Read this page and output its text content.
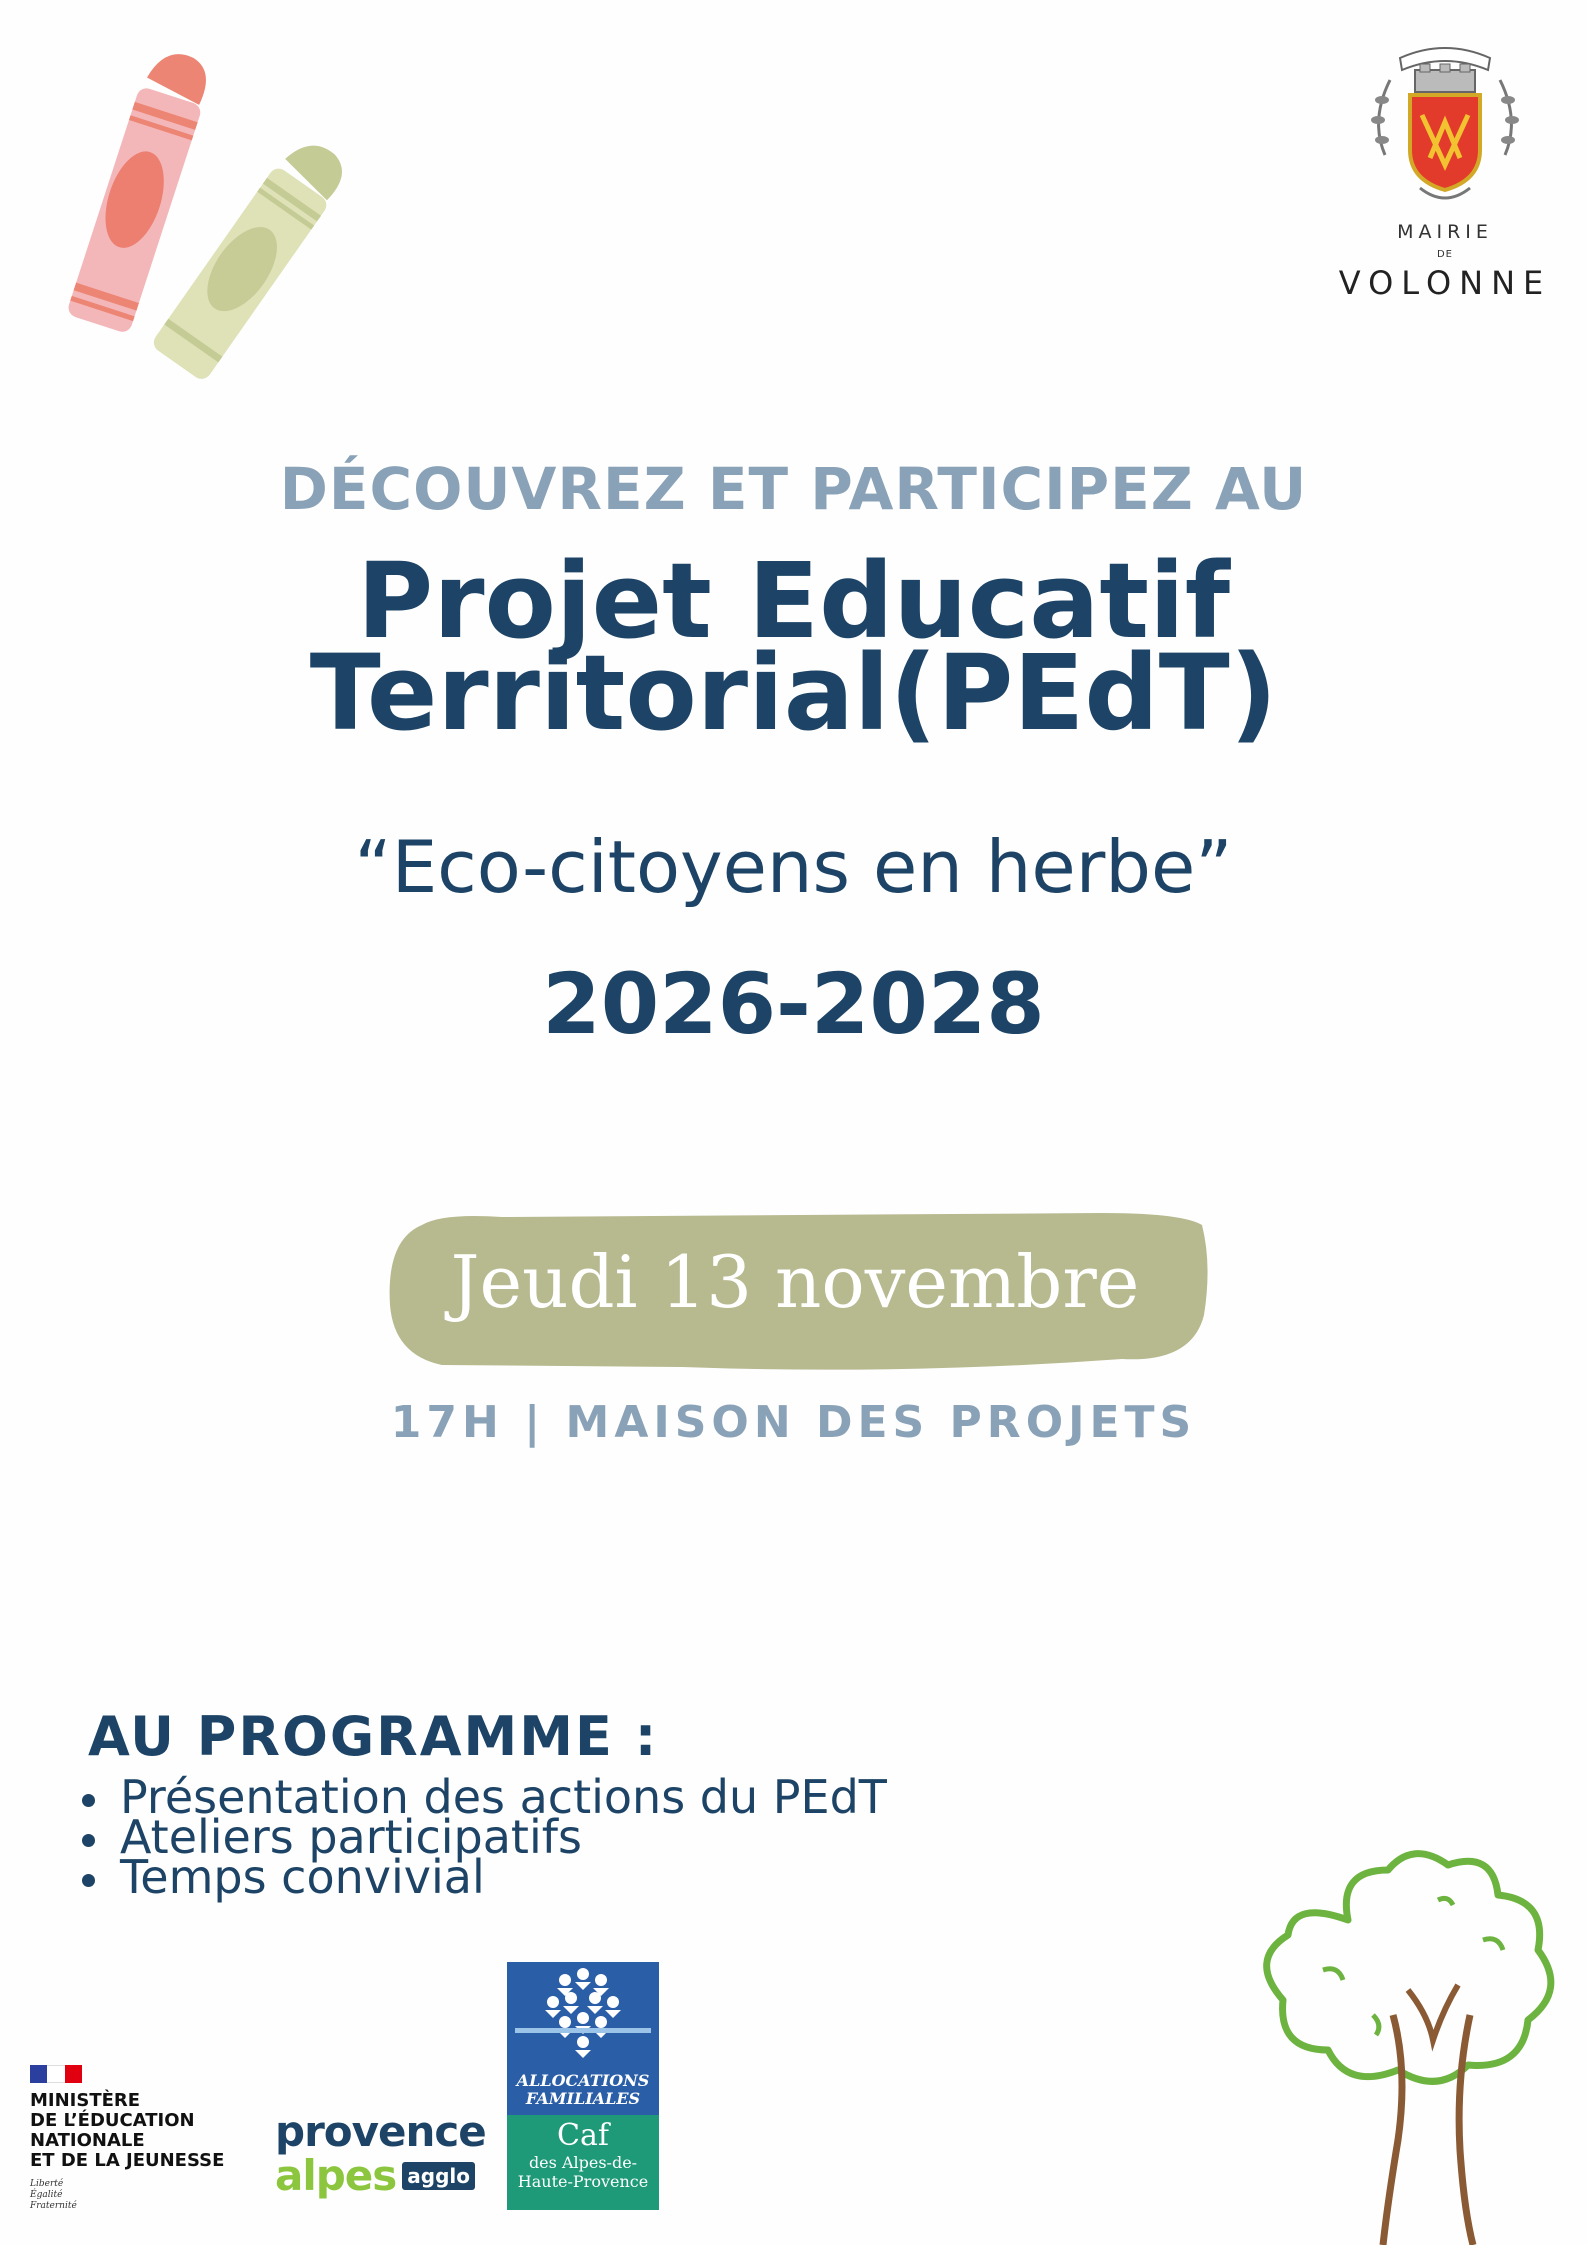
MAIRIE
DE
VOLONNE
DÉCOUVREZ ET PARTICIPEZ AU
Projet Educatif
Territorial(PEdT)
“Eco-citoyens en herbe”
2026-2028
Jeudi 13 novembre
17H | MAISON DES PROJETS
AU PROGRAMME :
Présentation des actions du PEdT
Ateliers participatifs
Temps convivial
MINISTÈRE
DE L’ÉDUCATION
NATIONALE
ET DE LA JEUNESSE
Liberté
Égalité
Fraternité
provence
alpes agglo
ALLOCATIONS
FAMILIALES
Caf
des Alpes-de-
Haute-Provence
